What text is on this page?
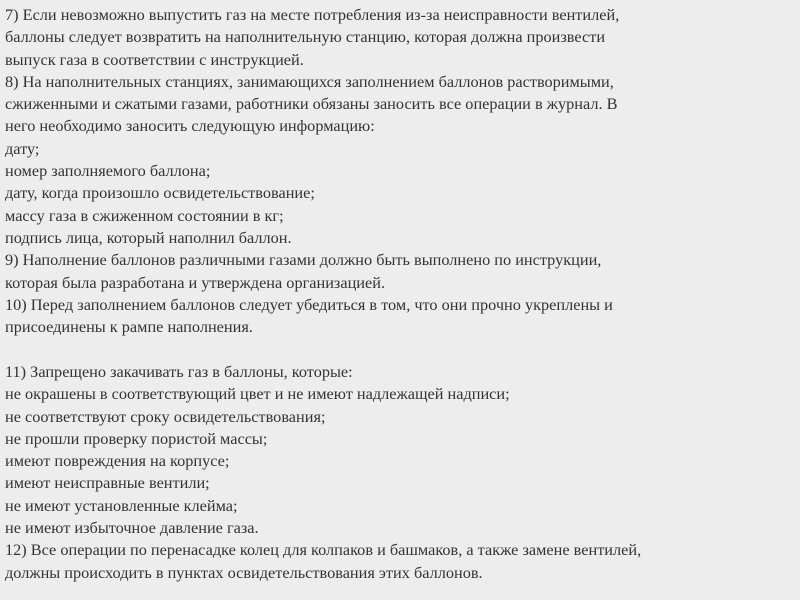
7) Если невозможно выпустить газ на месте потребления из-за неисправности вентилей,
баллоны следует возвратить на наполнительную станцию, которая должна произвести
выпуск газа в соответствии с инструкцией.
8) На наполнительных станциях, занимающихся заполнением баллонов растворимыми,
сжиженными и сжатыми газами, работники обязаны заносить все операции в журнал. В
него необходимо заносить следующую информацию:
дату;
номер заполняемого баллона;
дату, когда произошло освидетельствование;
массу газа в сжиженном состоянии в кг;
подпись лица, который наполнил баллон.
9) Наполнение баллонов различными газами должно быть выполнено по инструкции,
которая была разработана и утверждена организацией.
10) Перед заполнением баллонов следует убедиться в том, что они прочно укреплены и
присоединены к рампе наполнения.
11) Запрещено закачивать газ в баллоны, которые:
не окрашены в соответствующий цвет и не имеют надлежащей надписи;
не соответствуют сроку освидетельствования;
не прошли проверку пористой массы;
имеют повреждения на корпусе;
имеют неисправные вентили;
не имеют установленные клейма;
не имеют избыточное давление газа.
12) Все операции по перенасадке колец для колпаков и башмаков, а также замене вентилей,
должны происходить в пунктах освидетельствования этих баллонов.
